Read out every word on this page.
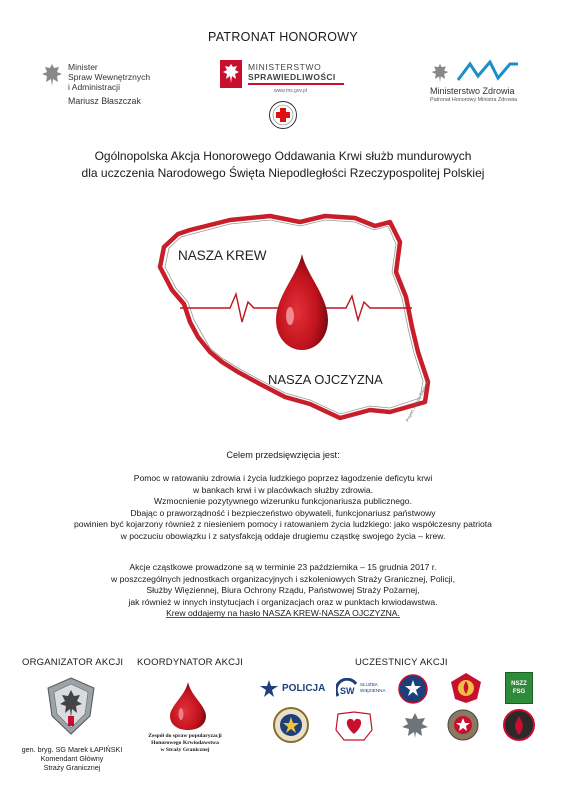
PATRONAT HONOROWY
Minister
Spraw Wewnętrznych
i Administracji
Mariusz Błaszczak
MINISTERSTWO
SPRAWIEDLIWOŚCI
www.ms.gov.pl	Ministerstwo Zdrowia
Patronat Honorowy Ministra Zdrowia
Ogólnopolska Akcja Honorowego Oddawania Krwi służb mundurowych
dla uczczenia Narodowego Święta Niepodległości Rzeczypospolitej Polskiej
NASZA KREW
NASZA OJCZYZNA	Projekt: Andrzej Świderski
Celem przedsięwzięcia jest:
Pomoc w ratowaniu zdrowia i życia ludzkiego poprzez łagodzenie deficytu krwi
w bankach krwi i w placówkach służby zdrowia.
Wzmocnienie pozytywnego wizerunku funkcjonariusza publicznego.
Dbając o praworządność i bezpieczeństwo obywateli, funkcjonariusz państwowy
powinien być kojarzony również z niesieniem pomocy i ratowaniem życia ludzkiego: jako współczesny patriota
w poczuciu obowiązku i z satysfakcją oddaje drugiemu cząstkę swojego życia – krew.
Akcje cząstkowe prowadzone są w terminie 23 października – 15 grudnia 2017 r.
w poszczególnych jednostkach organizacyjnych i szkoleniowych Straży Granicznej, Policji,
Służby Więziennej, Biura Ochrony Rządu, Państwowej Straży Pożarnej,
jak również w innych instytucjach i organizacjach oraz w punktach krwiodawstwa.
Krew oddajemy na hasło NASZA KREW-NASZA OJCZYZNA.
ORGANIZATOR AKCJI KOORDYNATOR AKCJI	UCZESTNICY AKCJI
gen. bryg. SG Marek ŁAPIŃSKI
Komendant Główny
Straży Granicznej
Zespół do spraw popularyzacji
Honorowego Krwiodawstwa
w Straży Granicznej
POLICJA SW
SŁUŻBA
WIĘZIENNA
NSZZ
FSG
